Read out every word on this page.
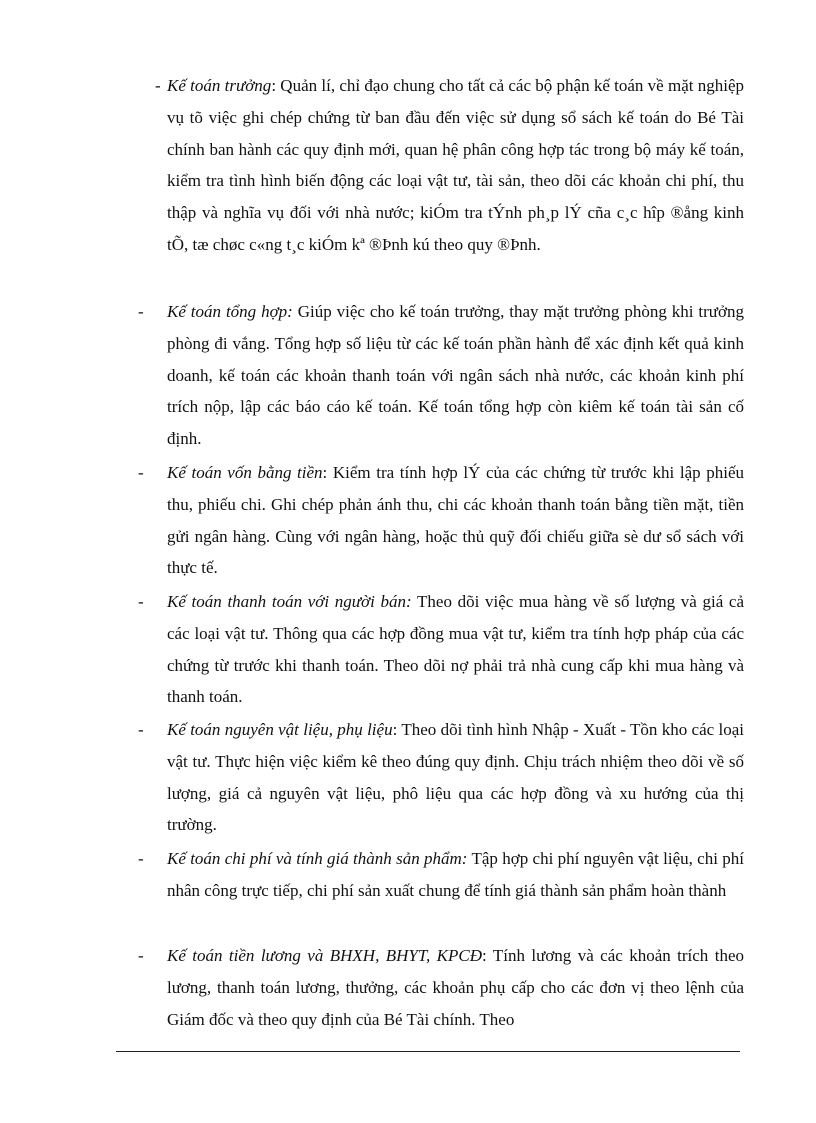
- Kế toán trưởng: Quản lí, chỉ đạo chung cho tất cả các bộ phận kế toán về mặt nghiệp vụ tõ việc ghi chép chứng từ ban đầu đến việc sử dụng sổ sách kế toán do Bé Tài chính ban hành các quy định mới, quan hệ phân công hợp tác trong bộ máy kế toán, kiểm tra tình hình biến động các loại vật tư, tài sản, theo dõi các khoản chi phí, thu thập và nghĩa vụ đối với nhà nước; kiÓm tra tÝnh ph¸p lÝ cña c¸c hîp ®ång kinh tÕ, tæ chøc c«ng t¸c kiÓm kª ®Þnh kú theo quy ®Þnh.
- Kế toán tổng hợp: Giúp việc cho kế toán trưởng, thay mặt trưởng phòng khi trưởng phòng đi vắng. Tổng hợp số liệu từ các kế toán phần hành để xác định kết quả kinh doanh, kế toán các khoản thanh toán với ngân sách nhà nước, các khoản kinh phí trích nộp, lập các báo cáo kế toán. Kế toán tổng hợp còn kiêm kế toán tài sản cố định.
- Kế toán vốn bằng tiền: Kiểm tra tính hợp lÝ của các chứng từ trước khi lập phiếu thu, phiếu chi. Ghi chép phản ánh thu, chi các khoản thanh toán bằng tiền mặt, tiền gửi ngân hàng. Cùng với ngân hàng, hoặc thủ quỹ đối chiếu giữa sè dư sổ sách với thực tế.
- Kế toán thanh toán với người bán: Theo dõi việc mua hàng về số lượng và giá cả các loại vật tư. Thông qua các hợp đồng mua vật tư, kiểm tra tính hợp pháp của các chứng từ trước khi thanh toán. Theo dõi nợ phải trả nhà cung cấp khi mua hàng và thanh toán.
- Kế toán nguyên vật liệu, phụ liệu: Theo dõi tình hình Nhập - Xuất - Tồn kho các loại vật tư. Thực hiện việc kiểm kê theo đúng quy định. Chịu trách nhiệm theo dõi về số lượng, giá cả nguyên vật liệu, phô liệu qua các hợp đồng và xu hướng của thị trường.
- Kế toán chi phí và tính giá thành sản phẩm: Tập hợp chi phí nguyên vật liệu, chi phí nhân công trực tiếp, chi phí sản xuất chung để tính giá thành sản phẩm hoàn thành
- Kế toán tiền lương và BHXH, BHYT, KPCĐ: Tính lương và các khoản trích theo lương, thanh toán lương, thưởng, các khoản phụ cấp cho các đơn vị theo lệnh của Giám đốc và theo quy định của Bé Tài chính. Theo
